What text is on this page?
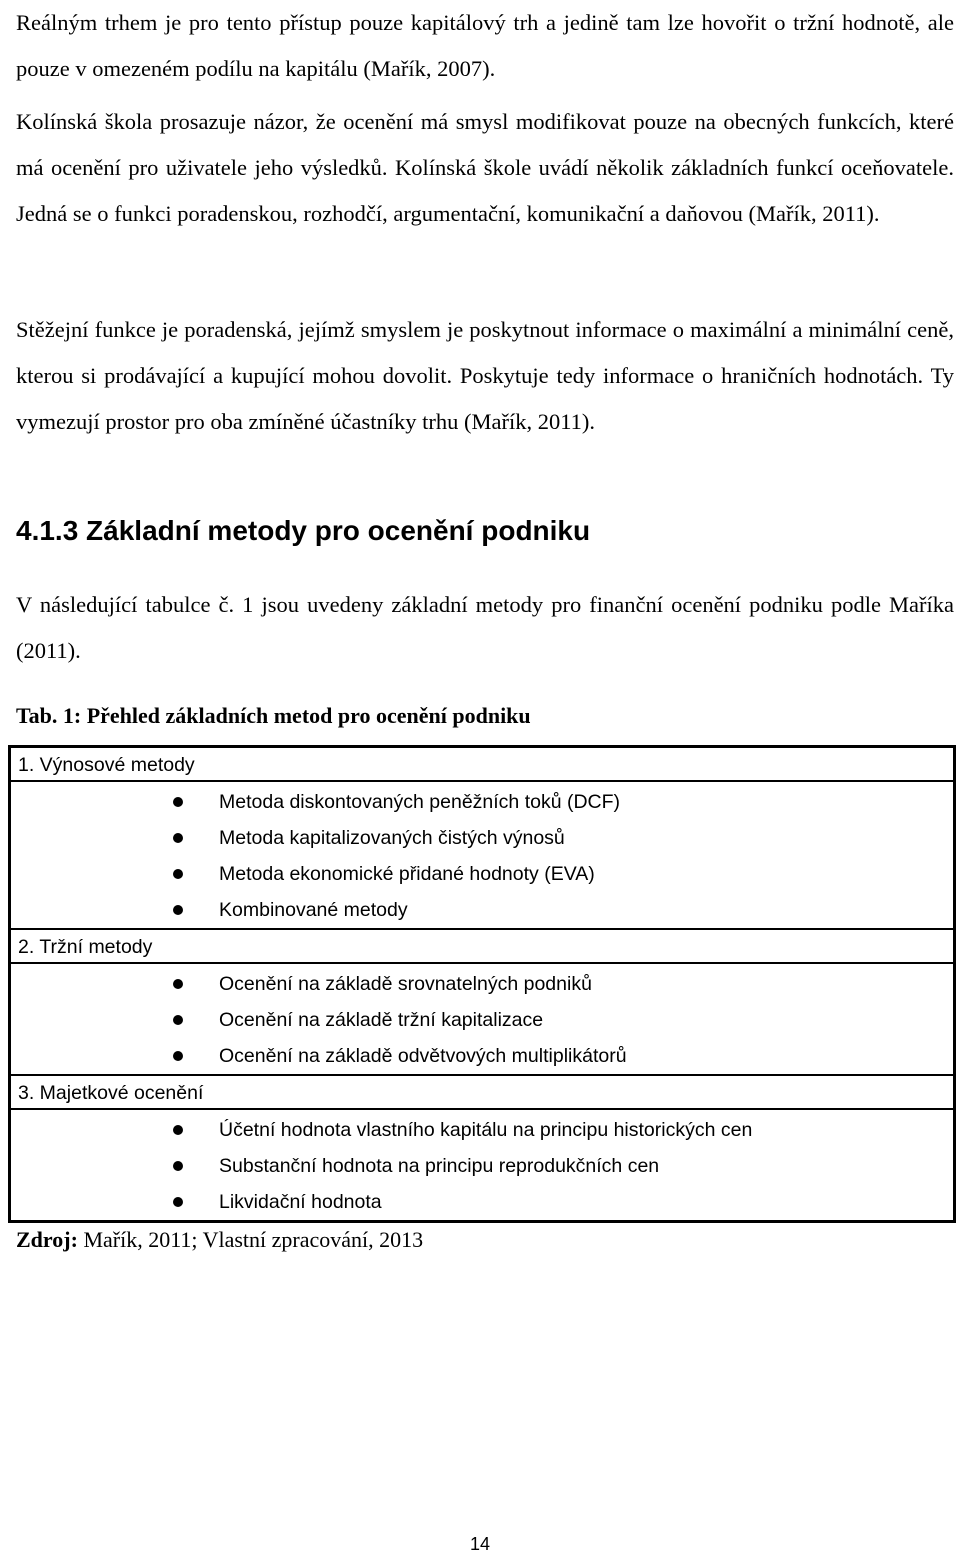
Reálným trhem je pro tento přístup pouze kapitálový trh a jedině tam lze hovořit o tržní hodnotě, ale pouze v omezeném podílu na kapitálu (Mařík, 2007).

Kolínská škola prosazuje názor, že ocenění má smysl modifikovat pouze na obecných funkcích, které má ocenění pro uživatele jeho výsledků. Kolínská škole uvádí několik základních funkcí oceňovatele. Jedná se o funkci poradenskou, rozhodčí, argumentační, komunikační a daňovou (Mařík, 2011).

Stěžejní funkce je poradenská, jejímž smyslem je poskytnout informace o maximální a minimální ceně, kterou si prodávající a kupující mohou dovolit. Poskytuje tedy informace o hraničních hodnotách. Ty vymezují prostor pro oba zmíněné účastníky trhu (Mařík, 2011).

4.1.3 Základní metody pro ocenění podniku

V následující tabulce č. 1 jsou uvedeny základní metody pro finanční ocenění podniku podle Maříka (2011).

Tab. 1: Přehled základních metod pro ocenění podniku

1. Výnosové metody
Metoda diskontovaných peněžních toků (DCF)
Metoda kapitalizovaných čistých výnosů
Metoda ekonomické přidané hodnoty (EVA)
Kombinované metody
2. Tržní metody
Ocenění na základě srovnatelných podniků
Ocenění na základě tržní kapitalizace
Ocenění na základě odvětvových multiplikátorů
3. Majetkové ocenění
Účetní hodnota vlastního kapitálu na principu historických cen
Substanční hodnota na principu reprodukčních cen
Likvidační hodnota

Zdroj: Mařík, 2011; Vlastní zpracování, 2013

14
